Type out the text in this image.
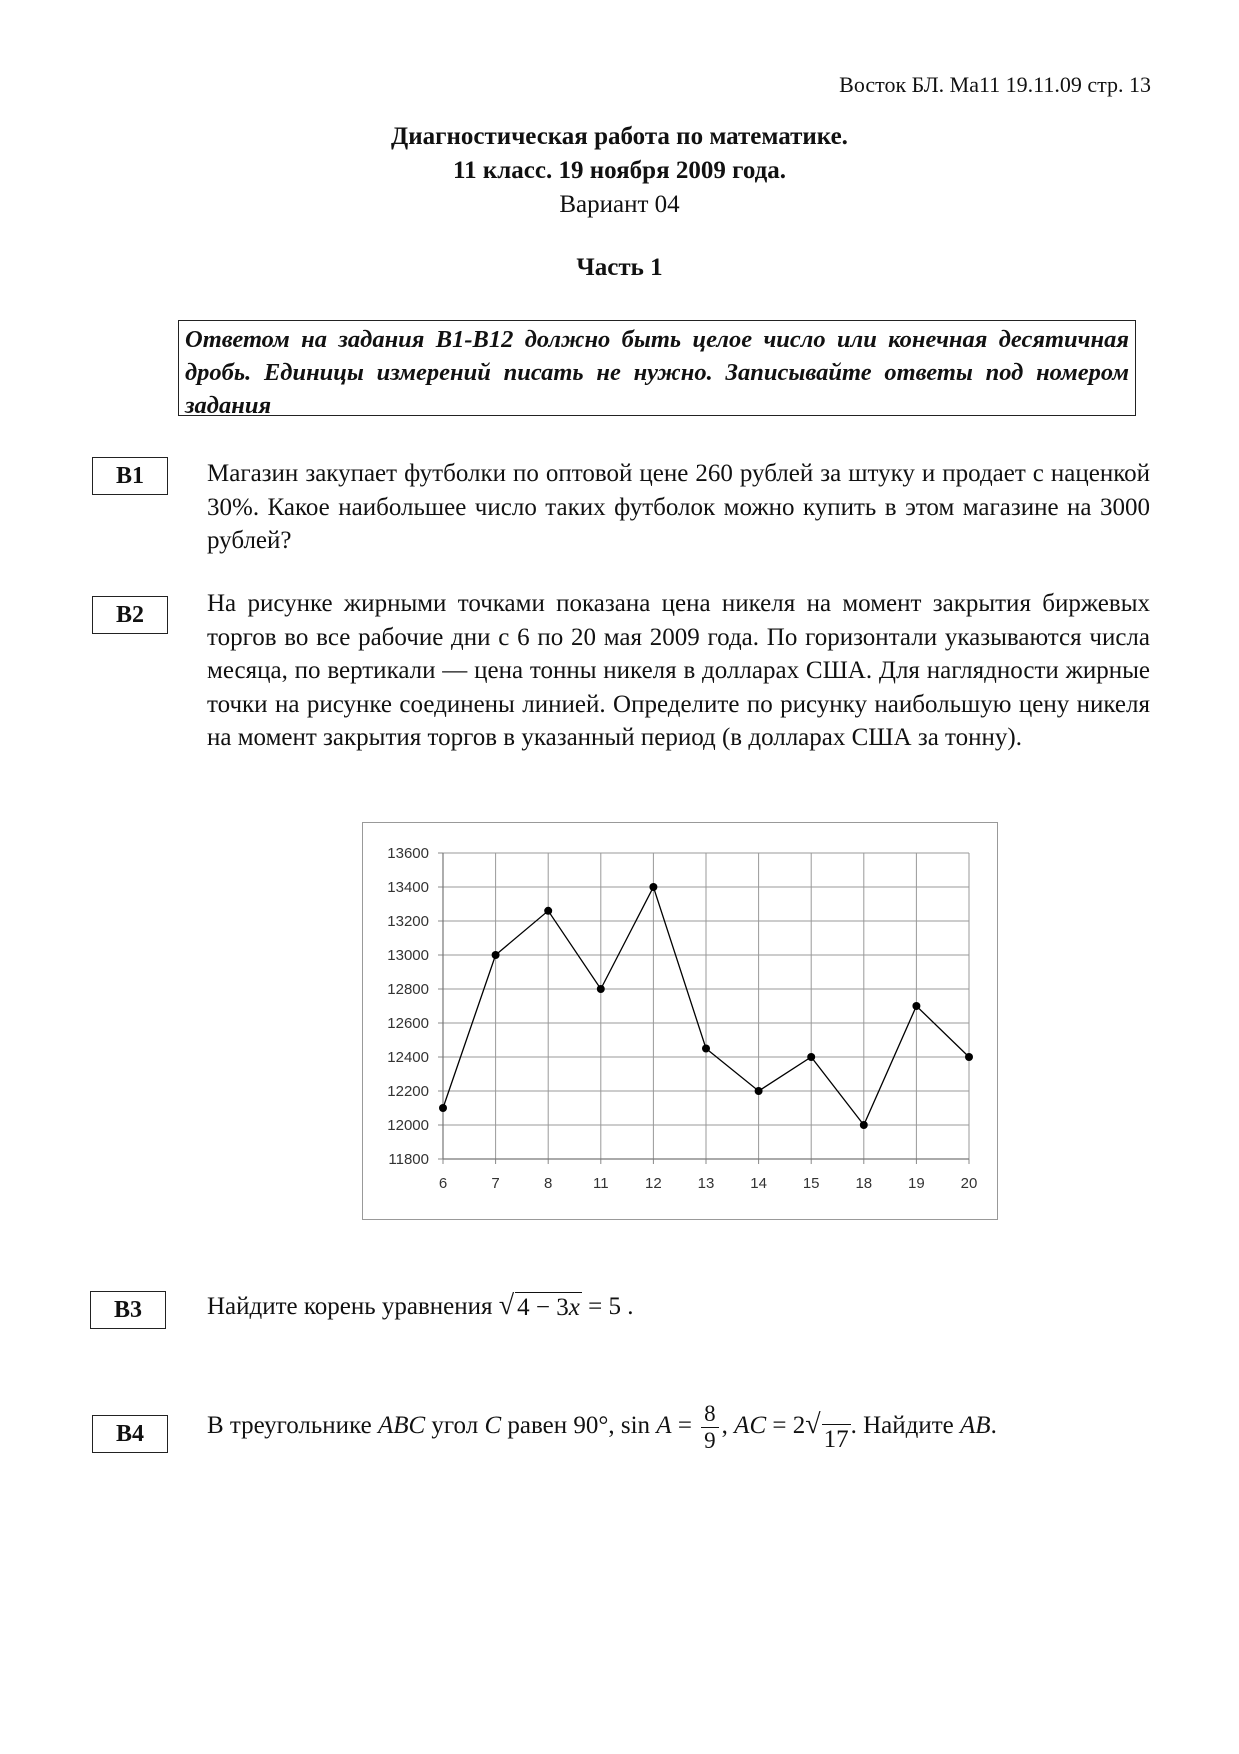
Восток БЛ. Ма11 19.11.09 стр. 13
Диагностическая работа по математике.
11 класс. 19 ноября 2009 года.
Вариант 04
Часть 1
Ответом на задания В1-В12 должно быть целое число или конечная десятичная дробь. Единицы измерений писать не нужно. Записывайте ответы под номером задания
В1	Магазин закупает футболки по оптовой цене 260 рублей за штуку и продает с наценкой 30%. Какое наибольшее число таких футболок можно купить в этом магазине на 3000 рублей?
В2	На рисунке жирными точками показана цена никеля на момент закрытия биржевых торгов во все рабочие дни с 6 по 20 мая 2009 года. По горизонтали указываются числа месяца, по вертикали — цена тонны никеля в долларах США. Для наглядности жирные точки на рисунке соединены линией. Определите по рисунку наибольшую цену никеля на момент закрытия торгов в указанный период (в долларах США за тонну).
11800
12000
12200
12400
12600
12800
13000
13200
13400
13600
6	7	8	11 12 13 14 15 18 19 20
В3	Найдите корень уравнения √ 4 − 3x = 5 .
В4	В треугольнике ABC угол C равен 90°, $\sin A = \frac{8}{9}$ , AC = 2 √ 17
. Найдите AB.
